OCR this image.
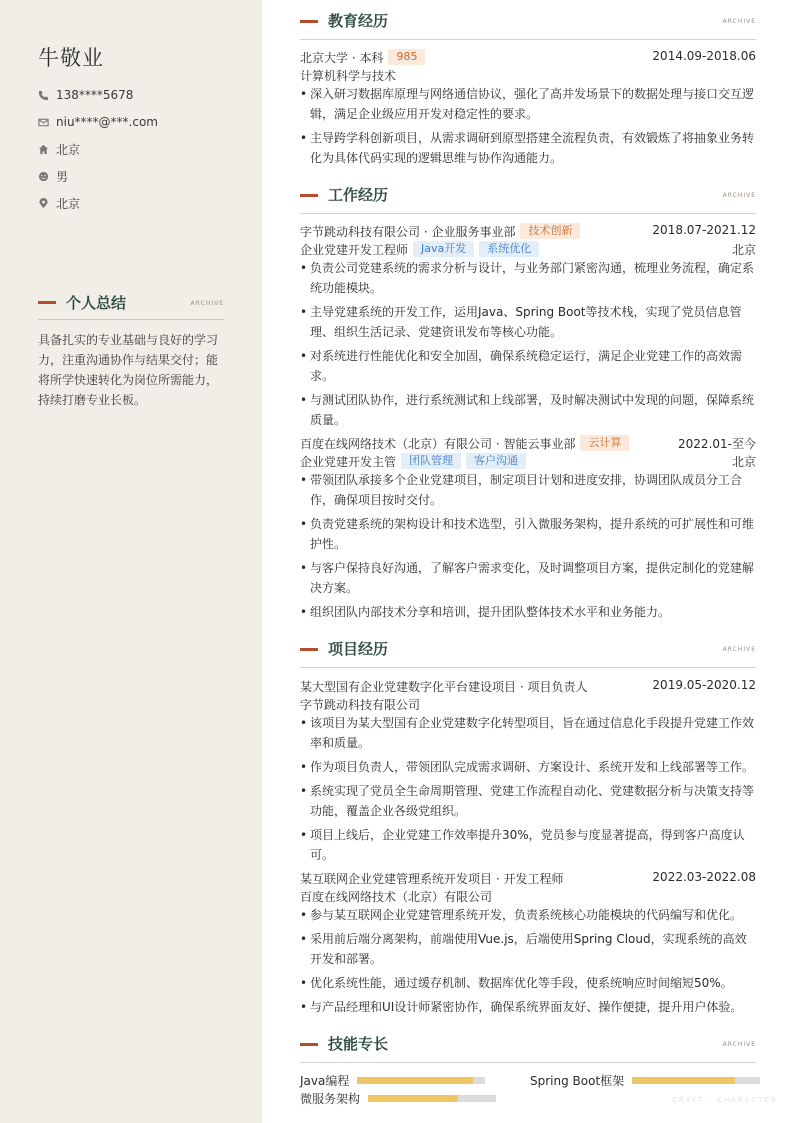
牛敬业
138****5678
niu****@***.com
北京
男
北京
个人总结	ARCHIVE
具备扎实的专业基础与良好的学习力，注重沟通协作与结果交付；能将所学快速转化为岗位所需能力，持续打磨专业长板。
教育经历	ARCHIVE
北京大学 · 本科	985	2014.09-2018.06
计算机科学与技术
• 深入研习数据库原理与网络通信协议，强化了高并发场景下的数据处理与接口交互逻辑，满足企业级应用开发对稳定性的要求。
• 主导跨学科创新项目，从需求调研到原型搭建全流程负责，有效锻炼了将抽象业务转化为具体代码实现的逻辑思维与协作沟通能力。
工作经历	ARCHIVE
字节跳动科技有限公司 · 企业服务事业部	技术创新	2018.07-2021.12
企业党建开发工程师	Java开发	系统优化	北京
• 负责公司党建系统的需求分析与设计，与业务部门紧密沟通，梳理业务流程，确定系统功能模块。
• 主导党建系统的开发工作，运用Java、Spring Boot等技术栈，实现了党员信息管理、组织生活记录、党建资讯发布等核心功能。
• 对系统进行性能优化和安全加固，确保系统稳定运行，满足企业党建工作的高效需求。
• 与测试团队协作，进行系统测试和上线部署，及时解决测试中发现的问题，保障系统质量。
百度在线网络技术（北京）有限公司 · 智能云事业部	云计算	2022.01-至今
企业党建开发主管	团队管理	客户沟通	北京
• 带领团队承接多个企业党建项目，制定项目计划和进度安排，协调团队成员分工合作，确保项目按时交付。
• 负责党建系统的架构设计和技术选型，引入微服务架构，提升系统的可扩展性和可维护性。
• 与客户保持良好沟通，了解客户需求变化，及时调整项目方案，提供定制化的党建解决方案。
• 组织团队内部技术分享和培训，提升团队整体技术水平和业务能力。
项目经历	ARCHIVE
某大型国有企业党建数字化平台建设项目 · 项目负责人	2019.05-2020.12
字节跳动科技有限公司
• 该项目为某大型国有企业党建数字化转型项目，旨在通过信息化手段提升党建工作效率和质量。
• 作为项目负责人，带领团队完成需求调研、方案设计、系统开发和上线部署等工作。
• 系统实现了党员全生命周期管理、党建工作流程自动化、党建数据分析与决策支持等功能，覆盖企业各级党组织。
• 项目上线后，企业党建工作效率提升30%，党员参与度显著提高，得到客户高度认可。
某互联网企业党建管理系统开发项目 · 开发工程师	2022.03-2022.08
百度在线网络技术（北京）有限公司
• 参与某互联网企业党建管理系统开发，负责系统核心功能模块的代码编写和优化。
• 采用前后端分离架构，前端使用Vue.js，后端使用Spring Cloud，实现系统的高效开发和部署。
• 优化系统性能，通过缓存机制、数据库优化等手段，使系统响应时间缩短50%。
• 与产品经理和UI设计师紧密协作，确保系统界面友好、操作便捷，提升用户体验。
技能专长	ARCHIVE
Java编程	Spring Boot框架
微服务架构	CRAFT · CHARACTER
